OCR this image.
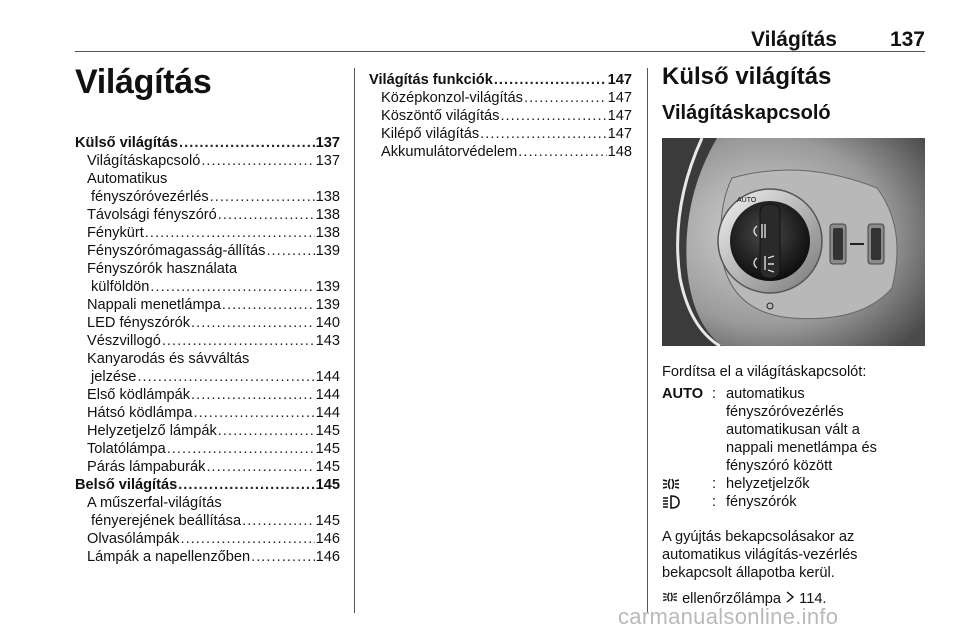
Világítás	137
Világítás
Külső világítás . . .	137
Világításkapcsoló . . .	137
Automatikus
fényszóróvezérlés . . .	138
Távolsági fényszóró . . .	138
Fénykürt . . .	138
Fényszórómagasság-állítás . . .	139
Fényszórók használata
külföldön . . .	139
Nappali menetlámpa . . .	139
LED fényszórók . . .	140
Vészvillogó . . .	143
Kanyarodás és sávváltás
jelzése . . .	144
Első ködlámpák . . .	144
Hátsó ködlámpa . . .	144
Helyzetjelző lámpák . . .	145
Tolatólámpa . . .	145
Párás lámpaburák . . .	145
Belső világítás . . .	145
A műszerfal-világítás
fényerejének beállítása . . .	145
Olvasólámpák . . .	146
Lámpák a napellenzőben . . .	146
Világítás funkciók . . .	147
Középkonzol-világítás . . .	147
Köszöntő világítás . . .	147
Kilépő világítás . . .	147
Akkumulátorvédelem . . .	148
Külső világítás
Világításkapcsoló
AUTO
Fordítsa el a világításkapcsolót:
AUTO : automatikus
fényszóróvezérlés
automatikusan vált a
nappali menetlámpa és
fényszóró között
: helyzetjelzők
: fényszórók
A gyújtás bekapcsolásakor az
automatikus világítás-vezérlés
bekapcsolt állapotba kerül.
ellenőrzőlámpa 114.
carmanualsonline.info
